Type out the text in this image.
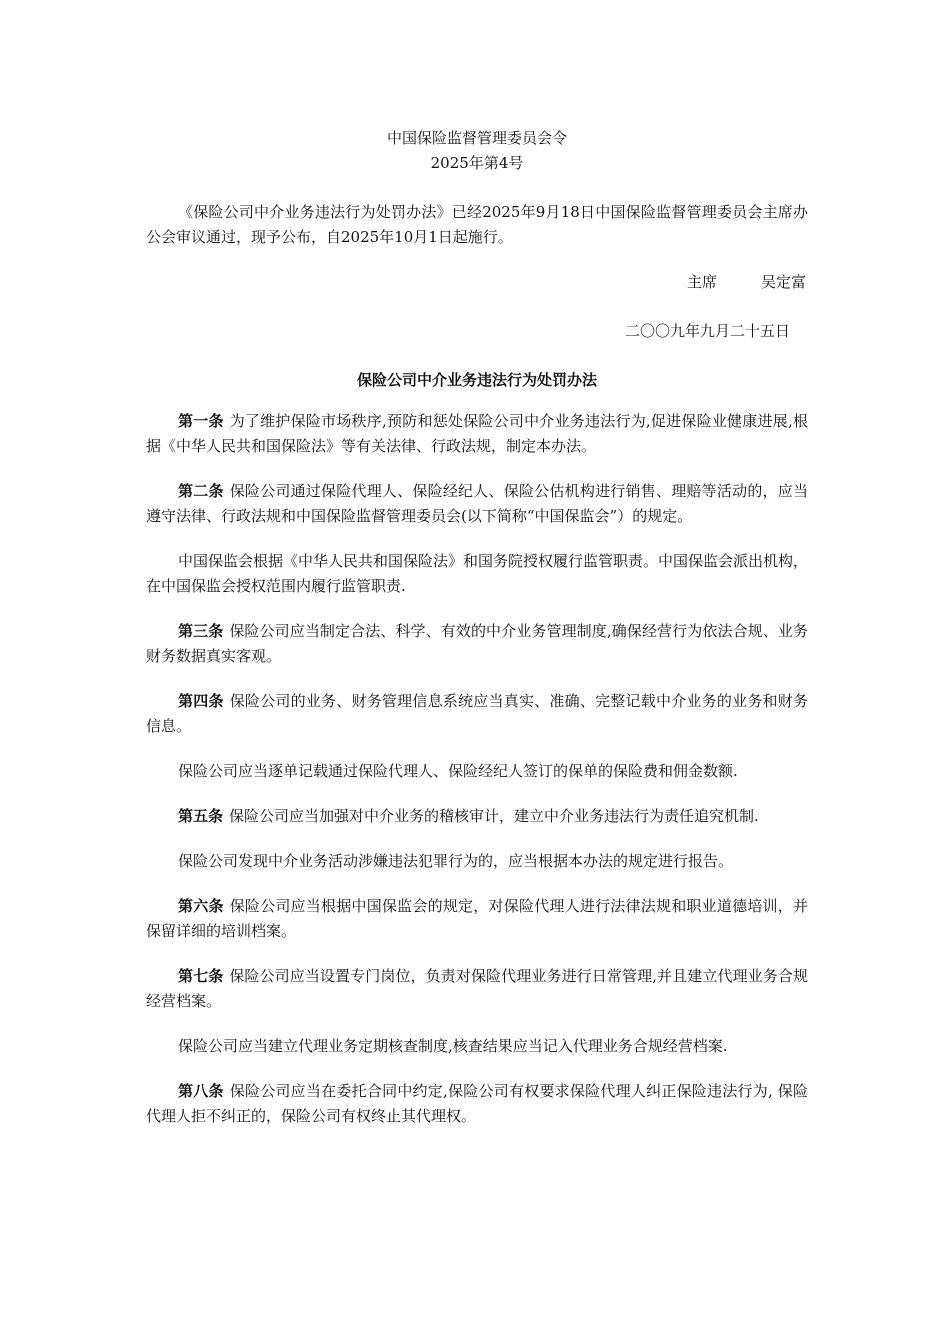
中国保险监督管理委员会令

2025年第4号

《保险公司中介业务违法行为处罚办法》已经2025年9月18日中国保险监督管理委员会主席办公会审议通过，现予公布，自2025年10月1日起施行。

主席	吴定富

二〇〇九年九月二十五日

保险公司中介业务违法行为处罚办法

第一条 为了维护保险市场秩序,预防和惩处保险公司中介业务违法行为,促进保险业健康进展,根据《中华人民共和国保险法》等有关法律、行政法规，制定本办法。

第二条 保险公司通过保险代理人、保险经纪人、保险公估机构进行销售、理赔等活动的，应当遵守法律、行政法规和中国保险监督管理委员会(以下简称“中国保监会”）的规定。

中国保监会根据《中华人民共和国保险法》和国务院授权履行监管职责。中国保监会派出机构，在中国保监会授权范围内履行监管职责.

第三条 保险公司应当制定合法、科学、有效的中介业务管理制度,确保经营行为依法合规、业务财务数据真实客观。

第四条 保险公司的业务、财务管理信息系统应当真实、准确、完整记载中介业务的业务和财务信息。

保险公司应当逐单记载通过保险代理人、保险经纪人签订的保单的保险费和佣金数额.

第五条 保险公司应当加强对中介业务的稽核审计，建立中介业务违法行为责任追究机制.

保险公司发现中介业务活动涉嫌违法犯罪行为的，应当根据本办法的规定进行报告。

第六条 保险公司应当根据中国保监会的规定，对保险代理人进行法律法规和职业道德培训，并保留详细的培训档案。

第七条 保险公司应当设置专门岗位，负责对保险代理业务进行日常管理,并且建立代理业务合规经营档案。

保险公司应当建立代理业务定期核查制度,核查结果应当记入代理业务合规经营档案.

第八条 保险公司应当在委托合同中约定,保险公司有权要求保险代理人纠正保险违法行为, 保险代理人拒不纠正的，保险公司有权终止其代理权。
